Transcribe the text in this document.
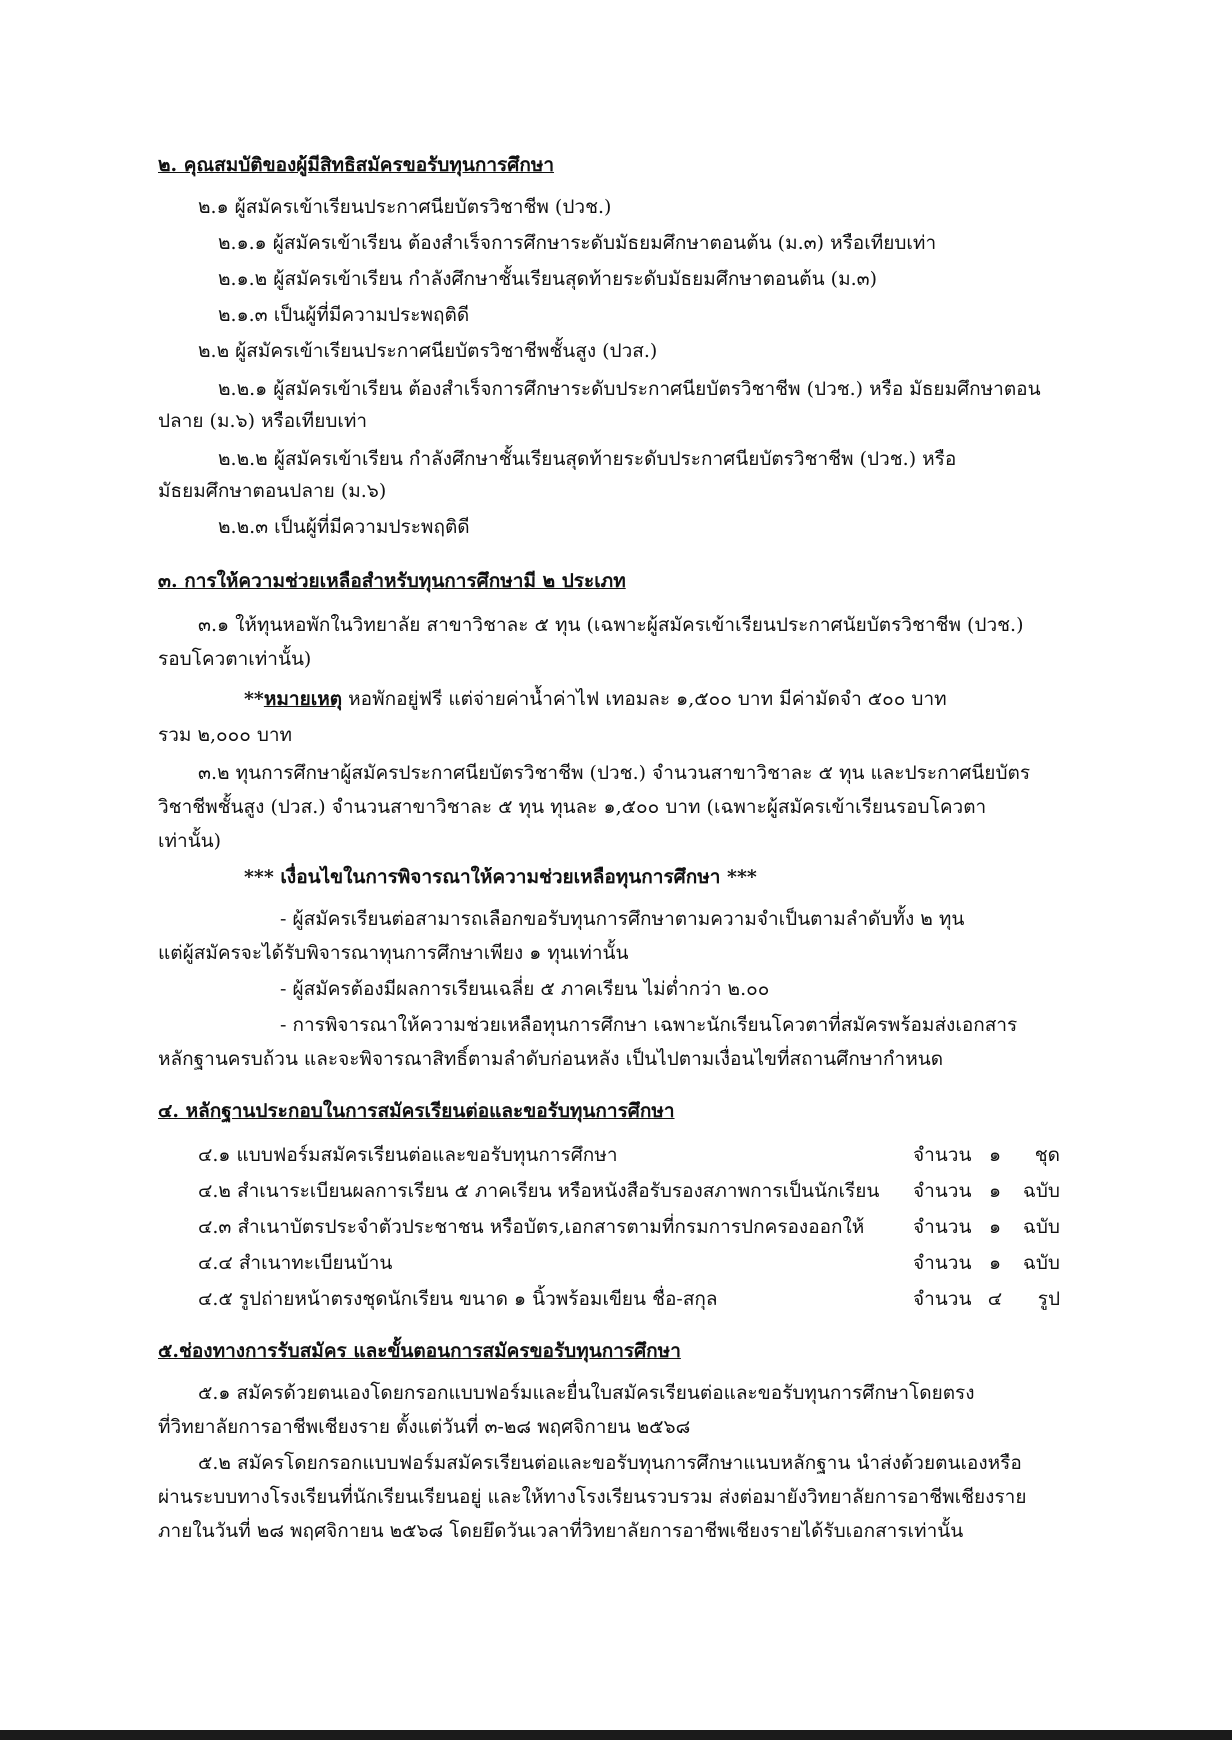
๒. คุณสมบัติของผู้มีสิทธิสมัครขอรับทุนการศึกษา
๒.๑ ผู้สมัครเข้าเรียนประกาศนียบัตรวิชาชีพ (ปวช.)
๒.๑.๑ ผู้สมัครเข้าเรียน ต้องสำเร็จการศึกษาระดับมัธยมศึกษาตอนต้น (ม.๓) หรือเทียบเท่า
๒.๑.๒ ผู้สมัครเข้าเรียน กำลังศึกษาชั้นเรียนสุดท้ายระดับมัธยมศึกษาตอนต้น (ม.๓)
๒.๑.๓ เป็นผู้ที่มีความประพฤติดี
๒.๒ ผู้สมัครเข้าเรียนประกาศนียบัตรวิชาชีพชั้นสูง (ปวส.)
๒.๒.๑ ผู้สมัครเข้าเรียน ต้องสำเร็จการศึกษาระดับประกาศนียบัตรวิชาชีพ (ปวช.) หรือ มัธยมศึกษาตอน
ปลาย (ม.๖) หรือเทียบเท่า
๒.๒.๒ ผู้สมัครเข้าเรียน กำลังศึกษาชั้นเรียนสุดท้ายระดับประกาศนียบัตรวิชาชีพ (ปวช.) หรือ
มัธยมศึกษาตอนปลาย (ม.๖)
๒.๒.๓ เป็นผู้ที่มีความประพฤติดี
๓. การให้ความช่วยเหลือสำหรับทุนการศึกษามี ๒ ประเภท
๓.๑ ให้ทุนหอพักในวิทยาลัย สาขาวิชาละ ๕ ทุน (เฉพาะผู้สมัครเข้าเรียนประกาศนัยบัตรวิชาชีพ (ปวช.)
รอบโควตาเท่านั้น)
**หมายเหตุ หอพักอยู่ฟรี แต่จ่ายค่าน้ำค่าไฟ เทอมละ ๑,๕๐๐ บาท มีค่ามัดจำ ๕๐๐ บาท
รวม ๒,๐๐๐ บาท
๓.๒ ทุนการศึกษาผู้สมัครประกาศนียบัตรวิชาชีพ (ปวช.) จำนวนสาขาวิชาละ ๕ ทุน และประกาศนียบัตร
วิชาชีพชั้นสูง (ปวส.) จำนวนสาขาวิชาละ ๕ ทุน ทุนละ ๑,๕๐๐ บาท (เฉพาะผู้สมัครเข้าเรียนรอบโควตา
เท่านั้น)
*** เงื่อนไขในการพิจารณาให้ความช่วยเหลือทุนการศึกษา ***
- ผู้สมัครเรียนต่อสามารถเลือกขอรับทุนการศึกษาตามความจำเป็นตามลำดับทั้ง ๒ ทุน
แต่ผู้สมัครจะได้รับพิจารณาทุนการศึกษาเพียง ๑ ทุนเท่านั้น
- ผู้สมัครต้องมีผลการเรียนเฉลี่ย ๕ ภาคเรียน ไม่ต่ำกว่า ๒.๐๐
- การพิจารณาให้ความช่วยเหลือทุนการศึกษา เฉพาะนักเรียนโควตาที่สมัครพร้อมส่งเอกสาร
หลักฐานครบถ้วน และจะพิจารณาสิทธิ์ตามลำดับก่อนหลัง เป็นไปตามเงื่อนไขที่สถานศึกษากำหนด
๔. หลักฐานประกอบในการสมัครเรียนต่อและขอรับทุนการศึกษา
๔.๑ แบบฟอร์มสมัครเรียนต่อและขอรับทุนการศึกษา	จำนวน ๑	ชุด
๔.๒ สำเนาระเบียนผลการเรียน ๕ ภาคเรียน หรือหนังสือรับรองสภาพการเป็นนักเรียน จำนวน ๑	ฉบับ
๔.๓ สำเนาบัตรประจำตัวประชาชน หรือบัตร,เอกสารตามที่กรมการปกครองออกให้	จำนวน ๑	ฉบับ
๔.๔ สำเนาทะเบียนบ้าน	จำนวน ๑	ฉบับ
๔.๕ รูปถ่ายหน้าตรงชุดนักเรียน ขนาด ๑ นิ้วพร้อมเขียน ชื่อ-สกุล	จำนวน ๔	รูป
๕.ช่องทางการรับสมัคร และขั้นตอนการสมัครขอรับทุนการศึกษา
๕.๑ สมัครด้วยตนเองโดยกรอกแบบฟอร์มและยื่นใบสมัครเรียนต่อและขอรับทุนการศึกษาโดยตรง
ที่วิทยาลัยการอาชีพเชียงราย ตั้งแต่วันที่ ๓-๒๘ พฤศจิกายน ๒๕๖๘
๕.๒ สมัครโดยกรอกแบบฟอร์มสมัครเรียนต่อและขอรับทุนการศึกษาแนบหลักฐาน นำส่งด้วยตนเองหรือ
ผ่านระบบทางโรงเรียนที่นักเรียนเรียนอยู่ และให้ทางโรงเรียนรวบรวม ส่งต่อมายังวิทยาลัยการอาชีพเชียงราย
ภายในวันที่ ๒๘ พฤศจิกายน ๒๕๖๘ โดยยึดวันเวลาที่วิทยาลัยการอาชีพเชียงรายได้รับเอกสารเท่านั้น
